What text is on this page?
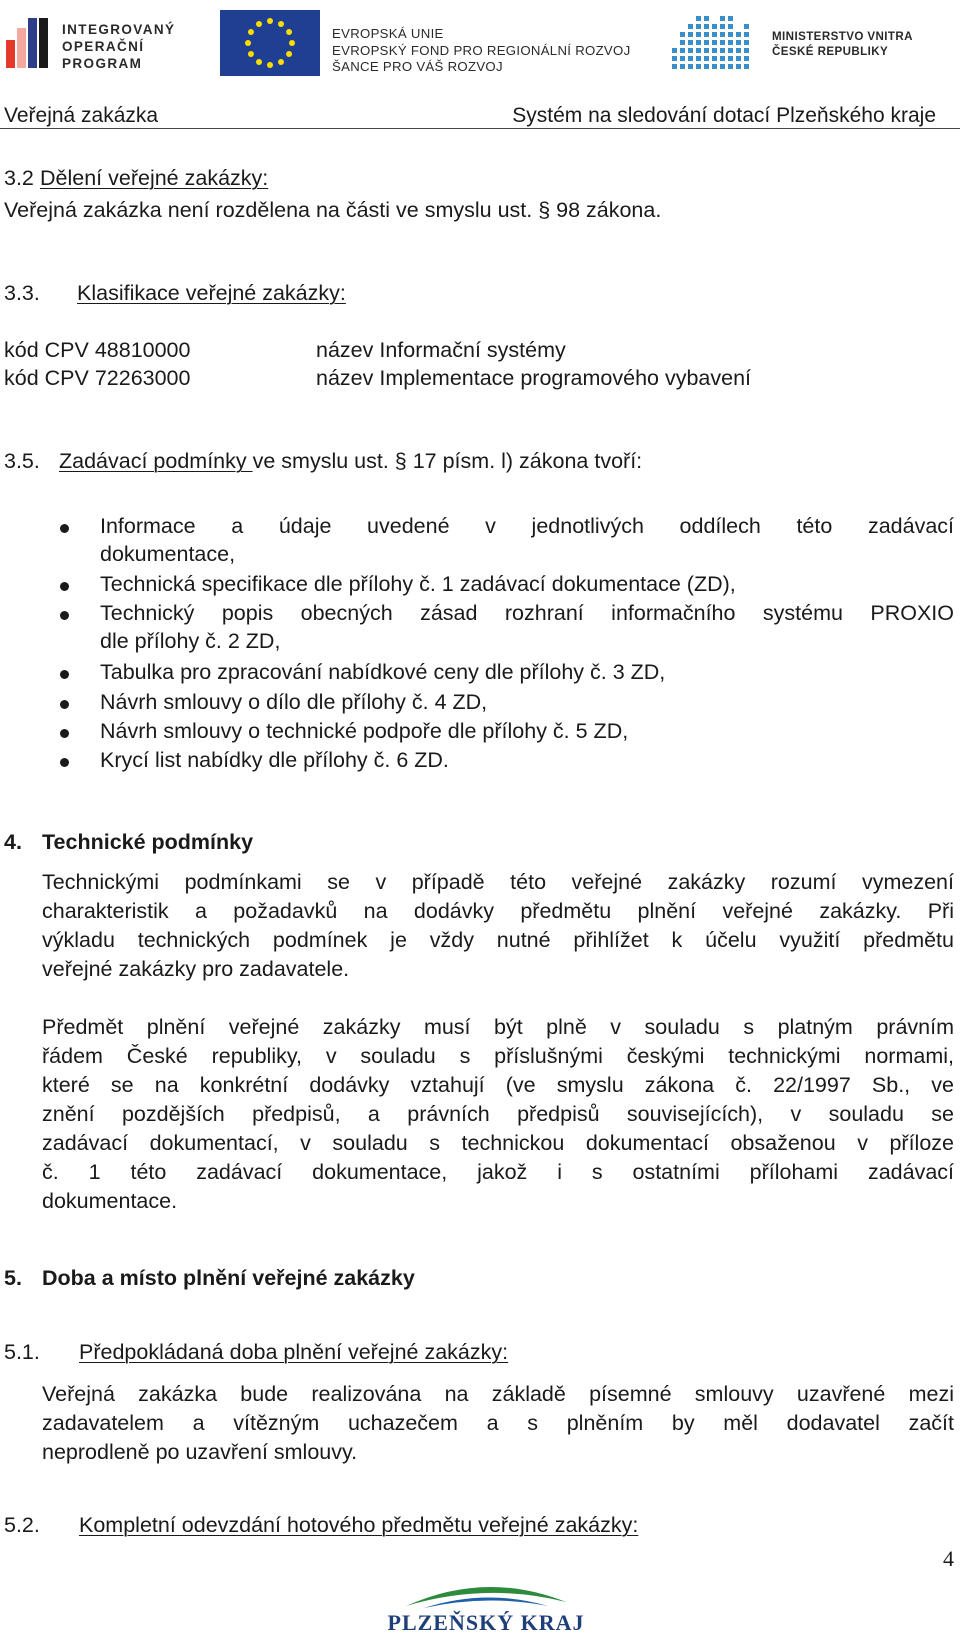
INTEGROVANÝ
OPERAČNÍ
PROGRAM
EVROPSKÁ UNIE
EVROPSKÝ FOND PRO REGIONÁLNÍ ROZVOJ
ŠANCE PRO VÁŠ ROZVOJ
MINISTERSTVO VNITRA
ČESKÉ REPUBLIKY
Veřejná zakázka	Systém na sledování dotací Plzeňského kraje
3.2 Dělení veřejné zakázky:
Veřejná zakázka není rozdělena na části ve smyslu ust. § 98 zákona.
3.3. Klasifikace veřejné zakázky:
kód CPV 48810000	název Informační systémy
kód CPV 72263000	název Implementace programového vybavení
3.5. Zadávací podmínky ve smyslu ust. § 17 písm. l) zákona tvoří:
Informace a údaje uvedené v jednotlivých oddílech této zadávací
dokumentace,
Technická specifikace dle přílohy č. 1 zadávací dokumentace (ZD),
Technický popis obecných zásad rozhraní informačního systému PROXIO
dle přílohy č. 2 ZD,
Tabulka pro zpracování nabídkové ceny dle přílohy č. 3 ZD,
Návrh smlouvy o dílo dle přílohy č. 4 ZD,
Návrh smlouvy o technické podpoře dle přílohy č. 5 ZD,
Krycí list nabídky dle přílohy č. 6 ZD.
4. Technické podmínky
Technickými podmínkami se v případě této veřejné zakázky rozumí vymezení
charakteristik a požadavků na dodávky předmětu plnění veřejné zakázky. Při
výkladu technických podmínek je vždy nutné přihlížet k účelu využití předmětu
veřejné zakázky pro zadavatele.
Předmět plnění veřejné zakázky musí být plně v souladu s platným právním
řádem České republiky, v souladu s příslušnými českými technickými normami,
které se na konkrétní dodávky vztahují (ve smyslu zákona č. 22/1997 Sb., ve
znění pozdějších předpisů, a právních předpisů souvisejících), v souladu se
zadávací dokumentací, v souladu s technickou dokumentací obsaženou v příloze
č. 1 této zadávací dokumentace, jakož i s ostatními přílohami zadávací
dokumentace.
5. Doba a místo plnění veřejné zakázky
5.1. Předpokládaná doba plnění veřejné zakázky:
Veřejná zakázka bude realizována na základě písemné smlouvy uzavřené mezi
zadavatelem a vítězným uchazečem a s plněním by měl dodavatel začít
neprodleně po uzavření smlouvy.
5.2. Kompletní odevzdání hotového předmětu veřejné zakázky:
4
PLZEŇSKÝ KRAJ
